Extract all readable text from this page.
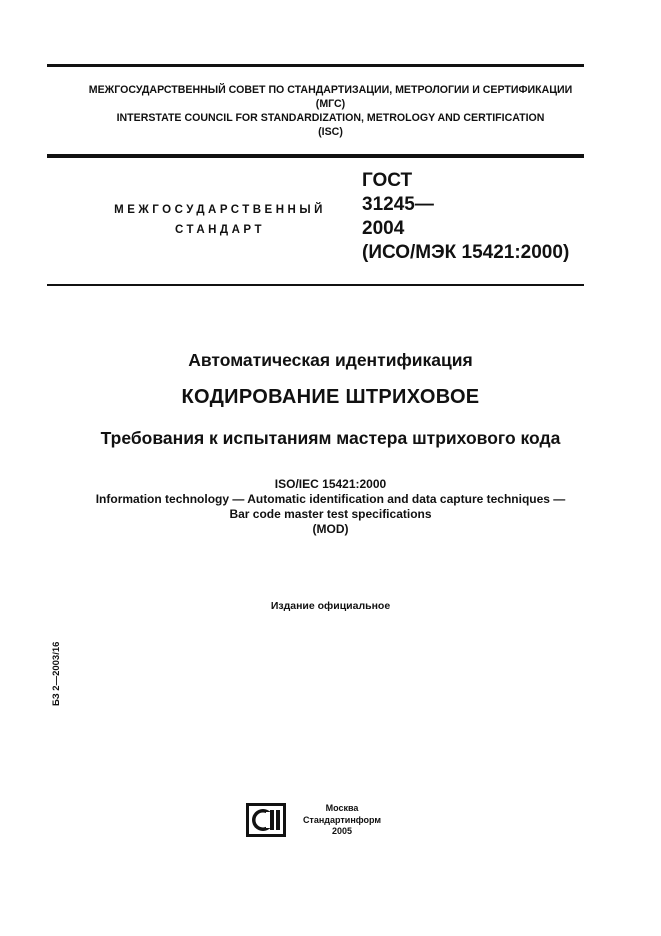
МЕЖГОСУДАРСТВЕННЫЙ СОВЕТ ПО СТАНДАРТИЗАЦИИ, МЕТРОЛОГИИ И СЕРТИФИКАЦИИ
(МГС)
INTERSTATE COUNCIL FOR STANDARDIZATION, METROLOGY AND CERTIFICATION
(ISC)
МЕЖГОСУДАРСТВЕННЫЙ
СТАНДАРТ
ГОСТ
31245—
2004
(ИСО/МЭК 15421:2000)
Автоматическая идентификация
КОДИРОВАНИЕ ШТРИХОВОЕ
Требования к испытаниям мастера штрихового кода
ISO/IEC 15421:2000
Information technology — Automatic identification and data capture techniques —
Bar code master test specifications
(MOD)
Издание официальное
БЗ 2—2003/16
Москва
Стандартинформ
2005
